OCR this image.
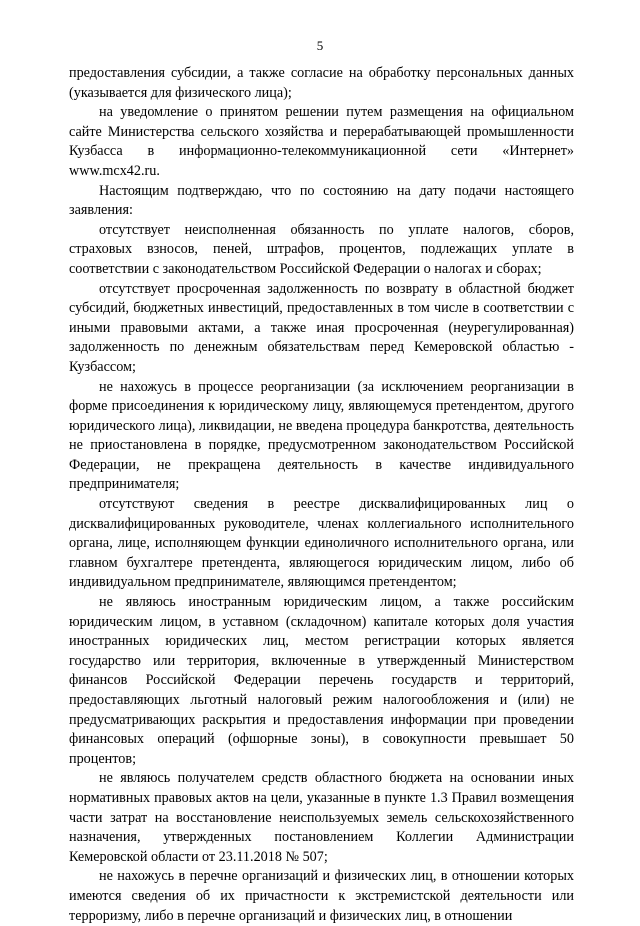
5

предоставления субсидии, а также согласие на обработку персональных данных (указывается для физического лица);

на уведомление о принятом решении путем размещения на официальном сайте Министерства сельского хозяйства и перерабатывающей промышленности Кузбасса в информационно-телекоммуникационной сети «Интернет» www.mcx42.ru.

Настоящим подтверждаю, что по состоянию на дату подачи настоящего заявления:

отсутствует неисполненная обязанность по уплате налогов, сборов, страховых взносов, пеней, штрафов, процентов, подлежащих уплате в соответствии с законодательством Российской Федерации о налогах и сборах;

отсутствует просроченная задолженность по возврату в областной бюджет субсидий, бюджетных инвестиций, предоставленных в том числе в соответствии с иными правовыми актами, а также иная просроченная (неурегулированная) задолженность по денежным обязательствам перед Кемеровской областью - Кузбассом;

не нахожусь в процессе реорганизации (за исключением реорганизации в форме присоединения к юридическому лицу, являющемуся претендентом, другого юридического лица), ликвидации, не введена процедура банкротства, деятельность не приостановлена в порядке, предусмотренном законодательством Российской Федерации, не прекращена деятельность в качестве индивидуального предпринимателя;

отсутствуют сведения в реестре дисквалифицированных лиц о дисквалифицированных руководителе, членах коллегиального исполнительного органа, лице, исполняющем функции единоличного исполнительного органа, или главном бухгалтере претендента, являющегося юридическим лицом, либо об индивидуальном предпринимателе, являющимся претендентом;

не являюсь иностранным юридическим лицом, а также российским юридическим лицом, в уставном (складочном) капитале которых доля участия иностранных юридических лиц, местом регистрации которых является государство или территория, включенные в утвержденный Министерством финансов Российской Федерации перечень государств и территорий, предоставляющих льготный налоговый режим налогообложения и (или) не предусматривающих раскрытия и предоставления информации при проведении финансовых операций (офшорные зоны), в совокупности превышает 50 процентов;

не являюсь получателем средств областного бюджета на основании иных нормативных правовых актов на цели, указанные в пункте 1.3 Правил возмещения части затрат на восстановление неиспользуемых земель сельскохозяйственного назначения, утвержденных постановлением Коллегии Администрации Кемеровской области от 23.11.2018 № 507;

не нахожусь в перечне организаций и физических лиц, в отношении которых имеются сведения об их причастности к экстремистской деятельности или терроризму, либо в перечне организаций и физических лиц, в отношении
